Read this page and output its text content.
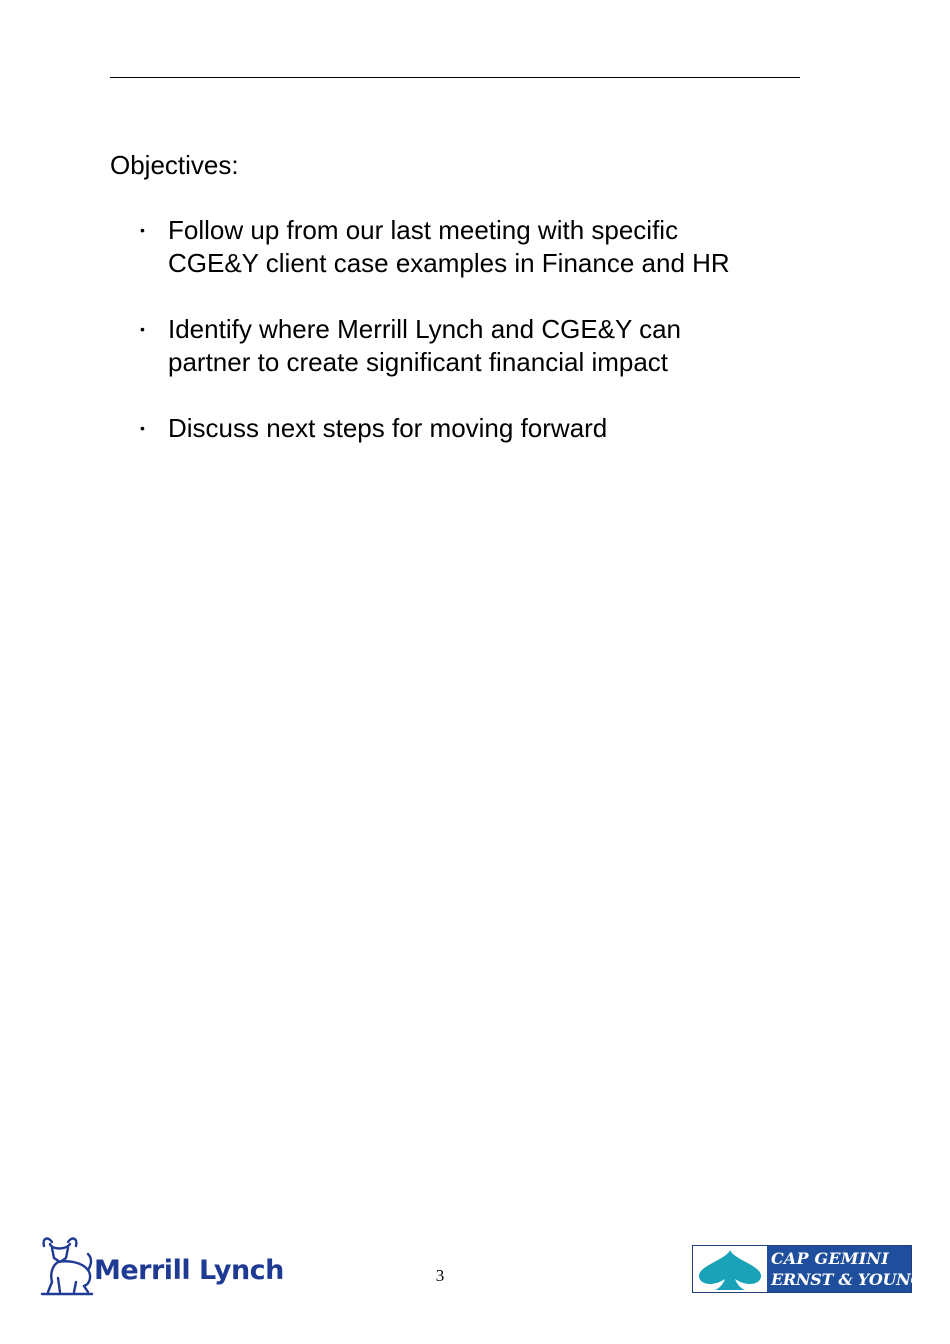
Objectives:
• Follow up from our last meeting with specific
CGE&Y client case examples in Finance and HR
• Identify where Merrill Lynch and CGE&Y can
partner to create significant financial impact
• Discuss next steps for moving forward
Merrill Lynch	3
CAP GEMINI
ERNST & YOUNG
